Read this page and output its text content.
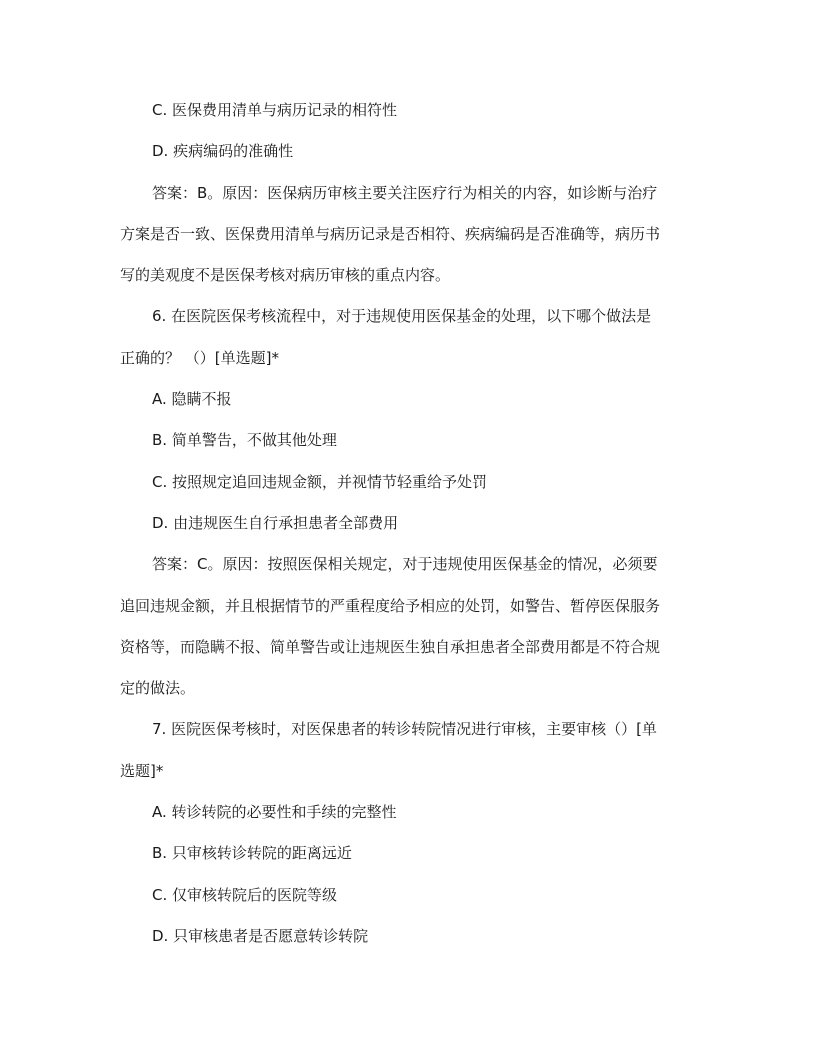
C. 医保费用清单与病历记录的相符性
D. 疾病编码的准确性
答案：B。原因：医保病历审核主要关注医疗行为相关的内容，如诊断与治疗
方案是否一致、医保费用清单与病历记录是否相符、疾病编码是否准确等，病历书
写的美观度不是医保考核对病历审核的重点内容。
6. 在医院医保考核流程中，对于违规使用医保基金的处理，以下哪个做法是
正确的？ （）[单选题]*
A. 隐瞒不报
B. 简单警告，不做其他处理
C. 按照规定追回违规金额，并视情节轻重给予处罚
D. 由违规医生自行承担患者全部费用
答案：C。原因：按照医保相关规定，对于违规使用医保基金的情况，必须要
追回违规金额，并且根据情节的严重程度给予相应的处罚，如警告、暂停医保服务
资格等，而隐瞒不报、简单警告或让违规医生独自承担患者全部费用都是不符合规
定的做法。
7. 医院医保考核时，对医保患者的转诊转院情况进行审核，主要审核（）[单
选题]*
A. 转诊转院的必要性和手续的完整性
B. 只审核转诊转院的距离远近
C. 仅审核转院后的医院等级
D. 只审核患者是否愿意转诊转院
